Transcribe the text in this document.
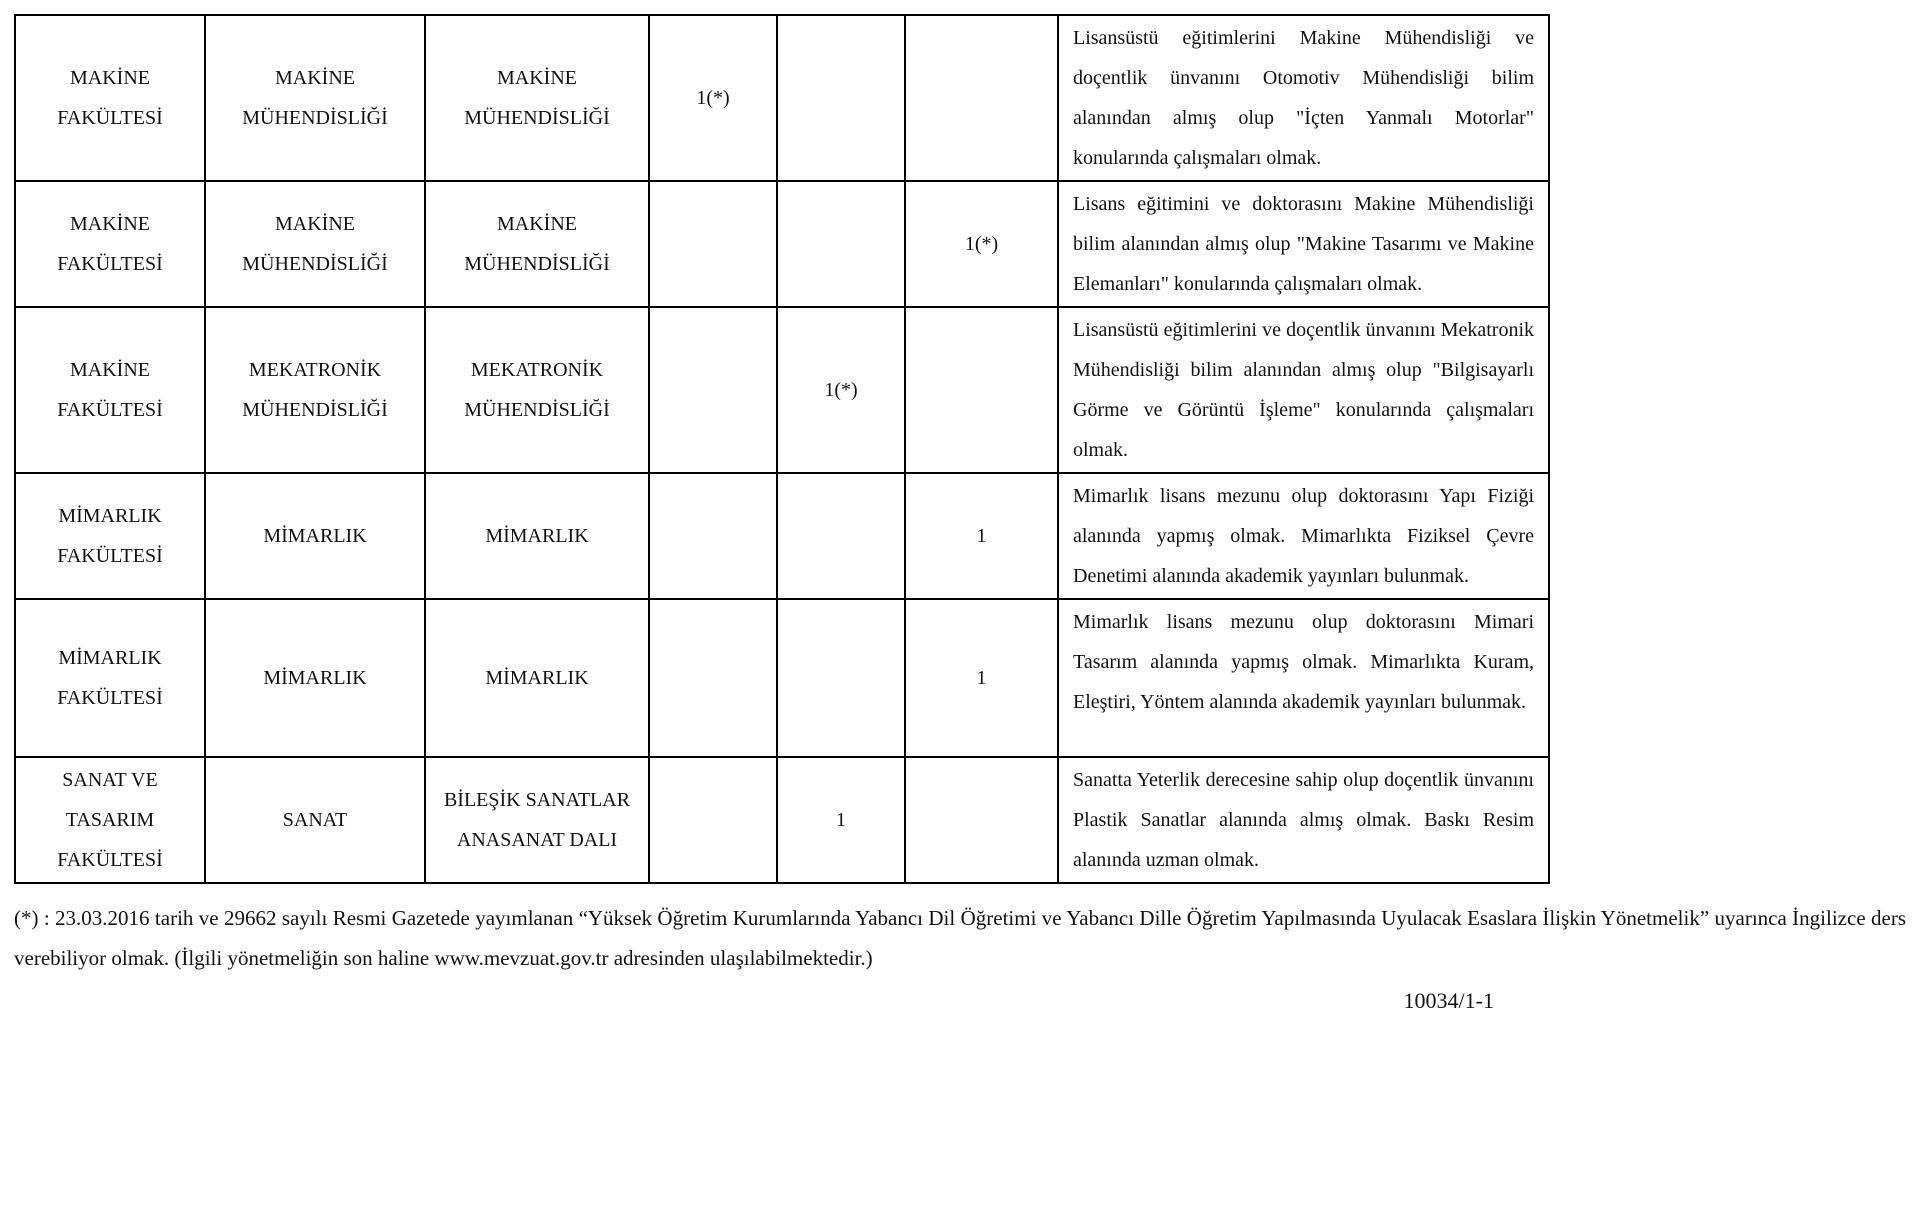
MAKİNE FAKÜLTESİ	MAKİNE MÜHENDİSLİĞİ	MAKİNE MÜHENDİSLİĞİ	1(*)			Lisansüstü eğitimlerini Makine Mühendisliği ve doçentlik ünvanını Otomotiv Mühendisliği bilim alanından almış olup "İçten Yanmalı Motorlar" konularında çalışmaları olmak.
MAKİNE FAKÜLTESİ	MAKİNE MÜHENDİSLİĞİ	MAKİNE MÜHENDİSLİĞİ			1(*)	Lisans eğitimini ve doktorasını Makine Mühendisliği bilim alanından almış olup "Makine Tasarımı ve Makine Elemanları" konularında çalışmaları olmak.
MAKİNE FAKÜLTESİ	MEKATRONİK MÜHENDİSLİĞİ	MEKATRONİK MÜHENDİSLİĞİ		1(*)		Lisansüstü eğitimlerini ve doçentlik ünvanını Mekatronik Mühendisliği bilim alanından almış olup "Bilgisayarlı Görme ve Görüntü İşleme" konularında çalışmaları olmak.
MİMARLIK FAKÜLTESİ	MİMARLIK	MİMARLIK			1	Mimarlık lisans mezunu olup doktorasını Yapı Fiziği alanında yapmış olmak. Mimarlıkta Fiziksel Çevre Denetimi alanında akademik yayınları bulunmak.
MİMARLIK FAKÜLTESİ	MİMARLIK	MİMARLIK			1	Mimarlık lisans mezunu olup doktorasını Mimari Tasarım alanında yapmış olmak. Mimarlıkta Kuram, Eleştiri, Yöntem alanında akademik yayınları bulunmak.
SANAT VE TASARIM FAKÜLTESİ	SANAT	BİLEŞİK SANATLAR ANASANAT DALI		1		Sanatta Yeterlik derecesine sahip olup doçentlik ünvanını Plastik Sanatlar alanında almış olmak. Baskı Resim alanında uzman olmak.

(*) : 23.03.2016 tarih ve 29662 sayılı Resmi Gazetede yayımlanan “Yüksek Öğretim Kurumlarında Yabancı Dil Öğretimi ve Yabancı Dille Öğretim Yapılmasında Uyulacak Esaslara İlişkin Yönetmelik” uyarınca İngilizce ders verebiliyor olmak. (İlgili yönetmeliğin son haline www.mevzuat.gov.tr adresinden ulaşılabilmektedir.)

10034/1-1
